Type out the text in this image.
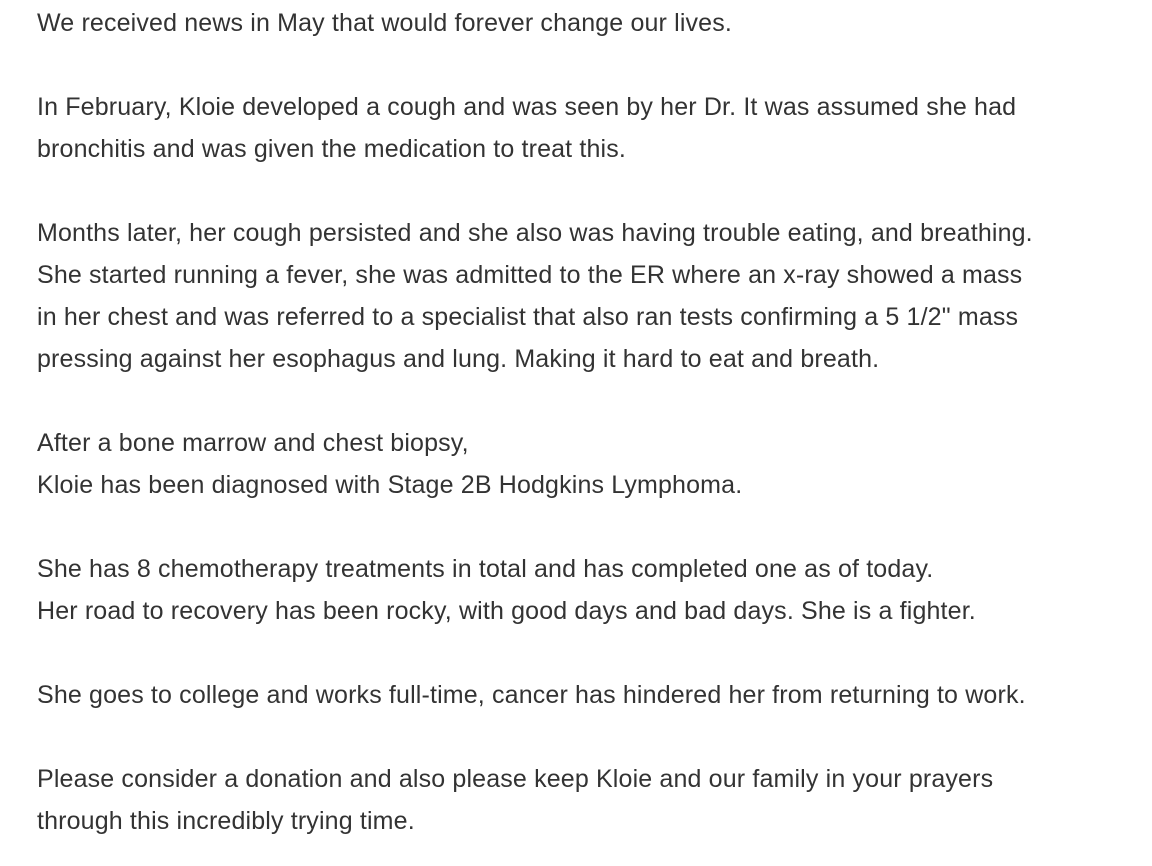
We received news in May that would forever change our lives.

In February, Kloie developed a cough and was seen by her Dr. It was assumed she had
bronchitis and was given the medication to treat this.

Months later, her cough persisted and she also was having trouble eating, and breathing.
She started running a fever, she was admitted to the ER where an x-ray showed a mass
in her chest and was referred to a specialist that also ran tests confirming a 5 1/2" mass
pressing against her esophagus and lung. Making it hard to eat and breath.

After a bone marrow and chest biopsy,
Kloie has been diagnosed with Stage 2B Hodgkins Lymphoma.

She has 8 chemotherapy treatments in total and has completed one as of today.
Her road to recovery has been rocky, with good days and bad days. She is a fighter.

She goes to college and works full-time, cancer has hindered her from returning to work.

Please consider a donation and also please keep Kloie and our family in your prayers
through this incredibly trying time.
